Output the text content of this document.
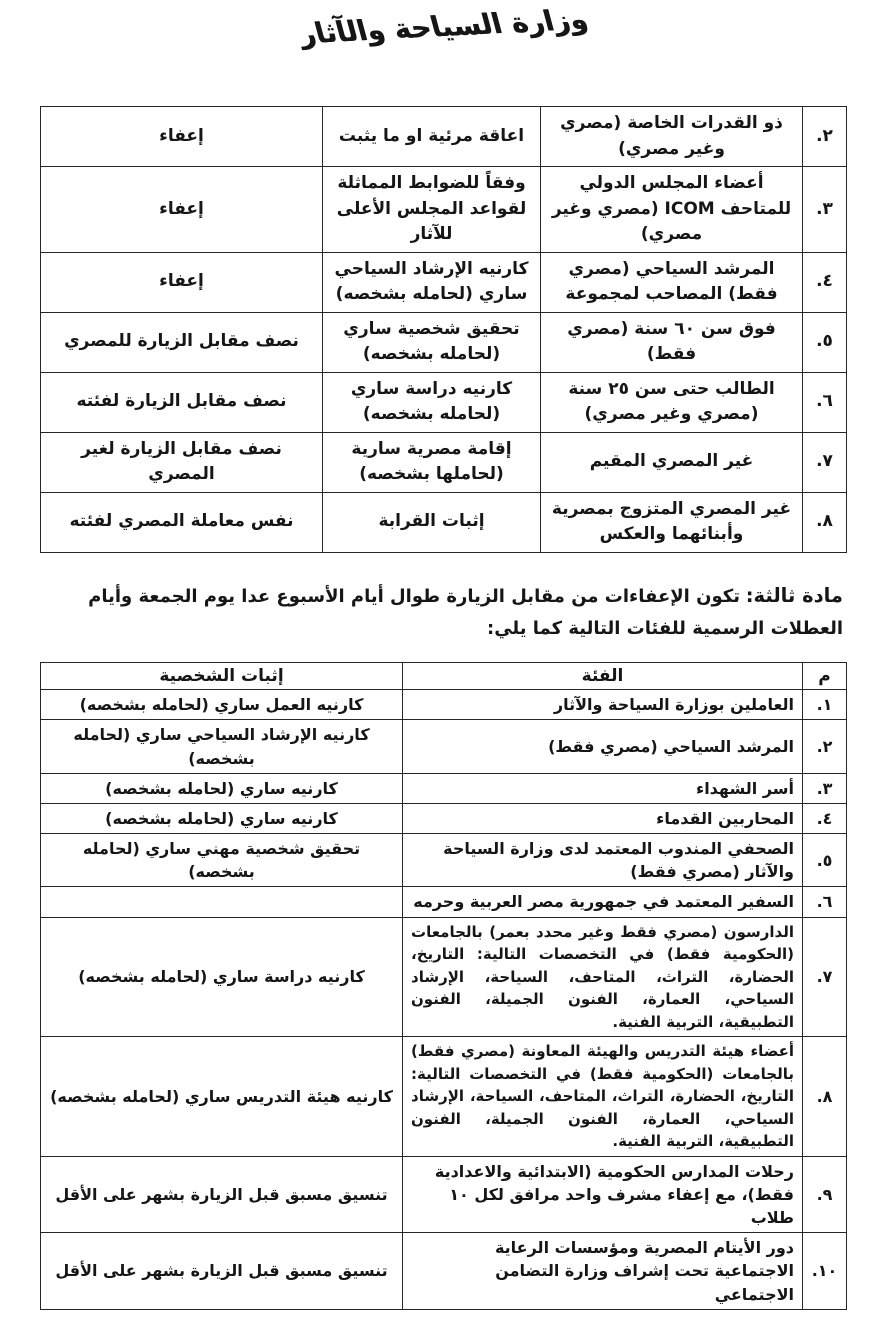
وزارة السياحة والآثار
٢.	ذو القدرات الخاصة (مصري وغير مصري)	اعاقة مرئية او ما يثبت	إعفاء
٣.	أعضاء المجلس الدولي للمتاحف ICOM (مصري وغير مصري)	وفقاً للضوابط المماثلة لقواعد المجلس الأعلى للآثار	إعفاء
٤.	المرشد السياحي (مصري فقط) المصاحب لمجموعة	كارنيه الإرشاد السياحي ساري (لحامله بشخصه)	إعفاء
٥.	فوق سن ٦٠ سنة (مصري فقط)	تحقيق شخصية ساري (لحامله بشخصه)	نصف مقابل الزيارة للمصري
٦.	الطالب حتى سن ٢٥ سنة (مصري وغير مصري)	كارنيه دراسة ساري (لحامله بشخصه)	نصف مقابل الزيارة لفئته
٧.	غير المصري المقيم	إقامة مصرية سارية (لحاملها بشخصه)	نصف مقابل الزيارة لغير المصري
٨.	غير المصري المتزوج بمصرية وأبنائهما والعكس	إثبات القرابة	نفس معاملة المصري لفئته

مادة ثالثة: تكون الإعفاءات من مقابل الزيارة طوال أيام الأسبوع عدا يوم الجمعة وأيام العطلات الرسمية للفئات التالية كما يلي:

م	الفئة	إثبات الشخصية
١.	العاملين بوزارة السياحة والآثار	كارنيه العمل ساري (لحامله بشخصه)
٢.	المرشد السياحي (مصري فقط)	كارنيه الإرشاد السياحي ساري (لحامله بشخصه)
٣.	أسر الشهداء	كارنيه ساري (لحامله بشخصه)
٤.	المحاربين القدماء	كارنيه ساري (لحامله بشخصه)
٥.	الصحفي المندوب المعتمد لدى وزارة السياحة والآثار (مصري فقط)	تحقيق شخصية مهني ساري (لحامله بشخصه)
٦.	السفير المعتمد في جمهورية مصر العربية وحرمه	
٧.	الدارسون (مصري فقط وغير محدد بعمر) بالجامعات (الحكومية فقط) في التخصصات التالية: التاريخ، الحضارة، التراث، المتاحف، السياحة، الإرشاد السياحي، العمارة، الفنون الجميلة، الفنون التطبيقية، التربية الفنية.	كارنيه دراسة ساري (لحامله بشخصه)
٨.	أعضاء هيئة التدريس والهيئة المعاونة (مصري فقط) بالجامعات (الحكومية فقط) في التخصصات التالية: التاريخ، الحضارة، التراث، المتاحف، السياحة، الإرشاد السياحي، العمارة، الفنون الجميلة، الفنون التطبيقية، التربية الفنية.	كارنيه هيئة التدريس ساري (لحامله بشخصه)
٩.	رحلات المدارس الحكومية (الابتدائية والاعدادية فقط)، مع إعفاء مشرف واحد مرافق لكل ١٠ طلاب	تنسيق مسبق قبل الزيارة بشهر على الأقل
١٠.	دور الأيتام المصرية ومؤسسات الرعاية الاجتماعية تحت إشراف وزارة التضامن الاجتماعي	تنسيق مسبق قبل الزيارة بشهر على الأقل
